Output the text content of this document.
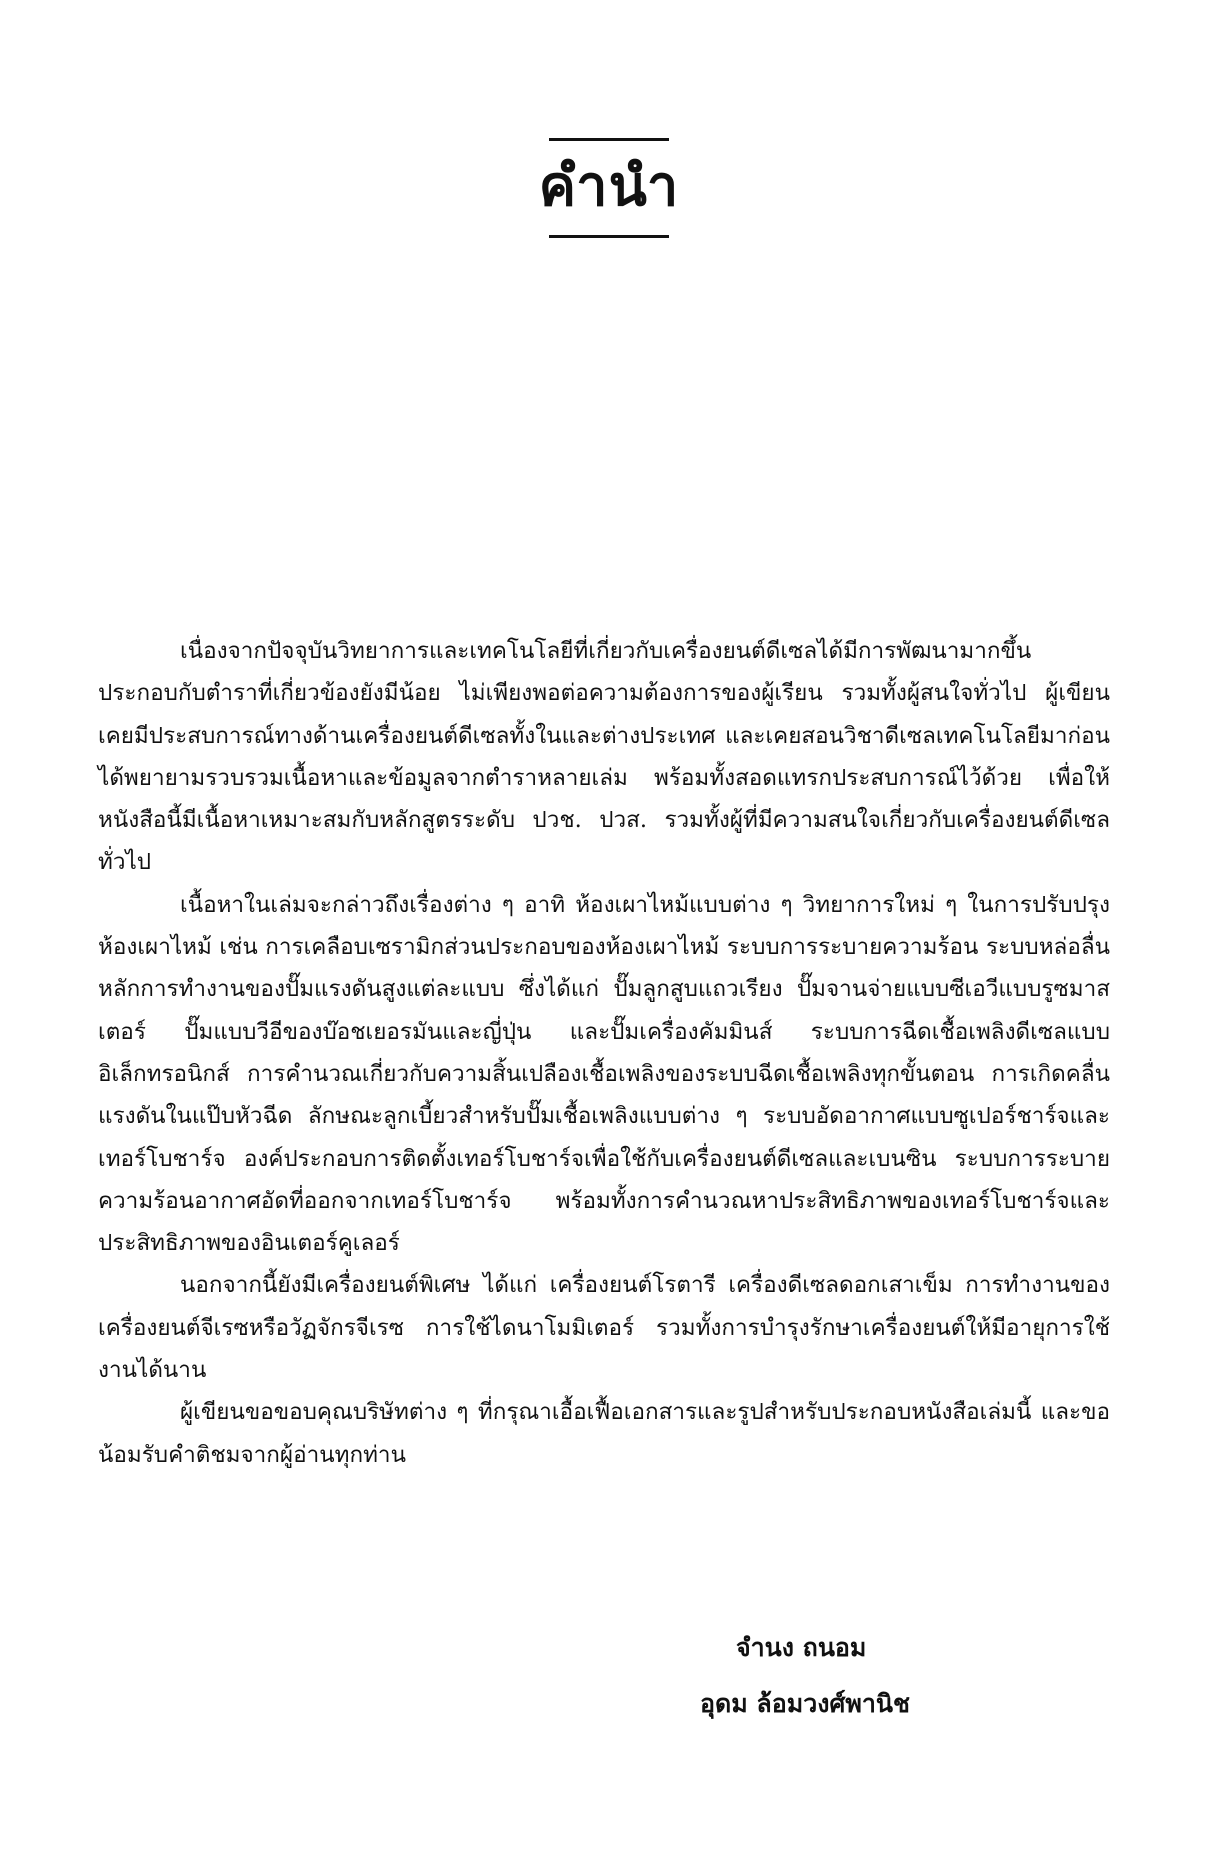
คำนำ

เนื่องจากปัจจุบันวิทยาการและเทคโนโลยีที่เกี่ยวกับเครื่องยนต์ดีเซลได้มีการพัฒนามากขึ้น ประกอบกับตำราที่เกี่ยวข้องยังมีน้อย ไม่เพียงพอต่อความต้องการของผู้เรียน รวมทั้งผู้สนใจทั่วไป ผู้เขียนเคยมีประสบการณ์ทางด้านเครื่องยนต์ดีเซลทั้งในและต่างประเทศ และเคยสอนวิชาดีเซลเทคโนโลยีมาก่อน ได้พยายามรวบรวมเนื้อหาและข้อมูลจากตำราหลายเล่ม พร้อมทั้งสอดแทรกประสบการณ์ไว้ด้วย เพื่อให้หนังสือนี้มีเนื้อหาเหมาะสมกับหลักสูตรระดับ ปวช. ปวส. รวมทั้งผู้ที่มีความสนใจเกี่ยวกับเครื่องยนต์ดีเซลทั่วไป

เนื้อหาในเล่มจะกล่าวถึงเรื่องต่าง ๆ อาทิ ห้องเผาไหม้แบบต่าง ๆ วิทยาการใหม่ ๆ ในการปรับปรุงห้องเผาไหม้ เช่น การเคลือบเซรามิกส่วนประกอบของห้องเผาไหม้ ระบบการระบายความร้อน ระบบหล่อลื่น หลักการทำงานของปั๊มแรงดันสูงแต่ละแบบ ซึ่งได้แก่ ปั๊มลูกสูบแถวเรียง ปั๊มจานจ่ายแบบซีเอวีแบบรูซมาสเตอร์ ปั๊มแบบวีอีของบ๊อชเยอรมันและญี่ปุ่น และปั๊มเครื่องคัมมินส์ ระบบการฉีดเชื้อเพลิงดีเซลแบบอิเล็กทรอนิกส์ การคำนวณเกี่ยวกับความสิ้นเปลืองเชื้อเพลิงของระบบฉีดเชื้อเพลิงทุกขั้นตอน การเกิดคลื่นแรงดันในแป๊บหัวฉีด ลักษณะลูกเบี้ยวสำหรับปั๊มเชื้อเพลิงแบบต่าง ๆ ระบบอัดอากาศแบบซูเปอร์ชาร์จและเทอร์โบชาร์จ องค์ประกอบการติดตั้งเทอร์โบชาร์จเพื่อใช้กับเครื่องยนต์ดีเซลและเบนซิน ระบบการระบายความร้อนอากาศอัดที่ออกจากเทอร์โบชาร์จ พร้อมทั้งการคำนวณหาประสิทธิภาพของเทอร์โบชาร์จและประสิทธิภาพของอินเตอร์คูเลอร์

นอกจากนี้ยังมีเครื่องยนต์พิเศษ ได้แก่ เครื่องยนต์โรตารี เครื่องดีเซลดอกเสาเข็ม การทำงานของเครื่องยนต์จีเรซหรือวัฏจักรจีเรซ การใช้ไดนาโมมิเตอร์ รวมทั้งการบำรุงรักษาเครื่องยนต์ให้มีอายุการใช้งานได้นาน

ผู้เขียนขอขอบคุณบริษัทต่าง ๆ ที่กรุณาเอื้อเฟื้อเอกสารและรูปสำหรับประกอบหนังสือเล่มนี้ และขอน้อมรับคำติชมจากผู้อ่านทุกท่าน

จำนง ถนอม
อุดม ล้อมวงศ์พานิช
